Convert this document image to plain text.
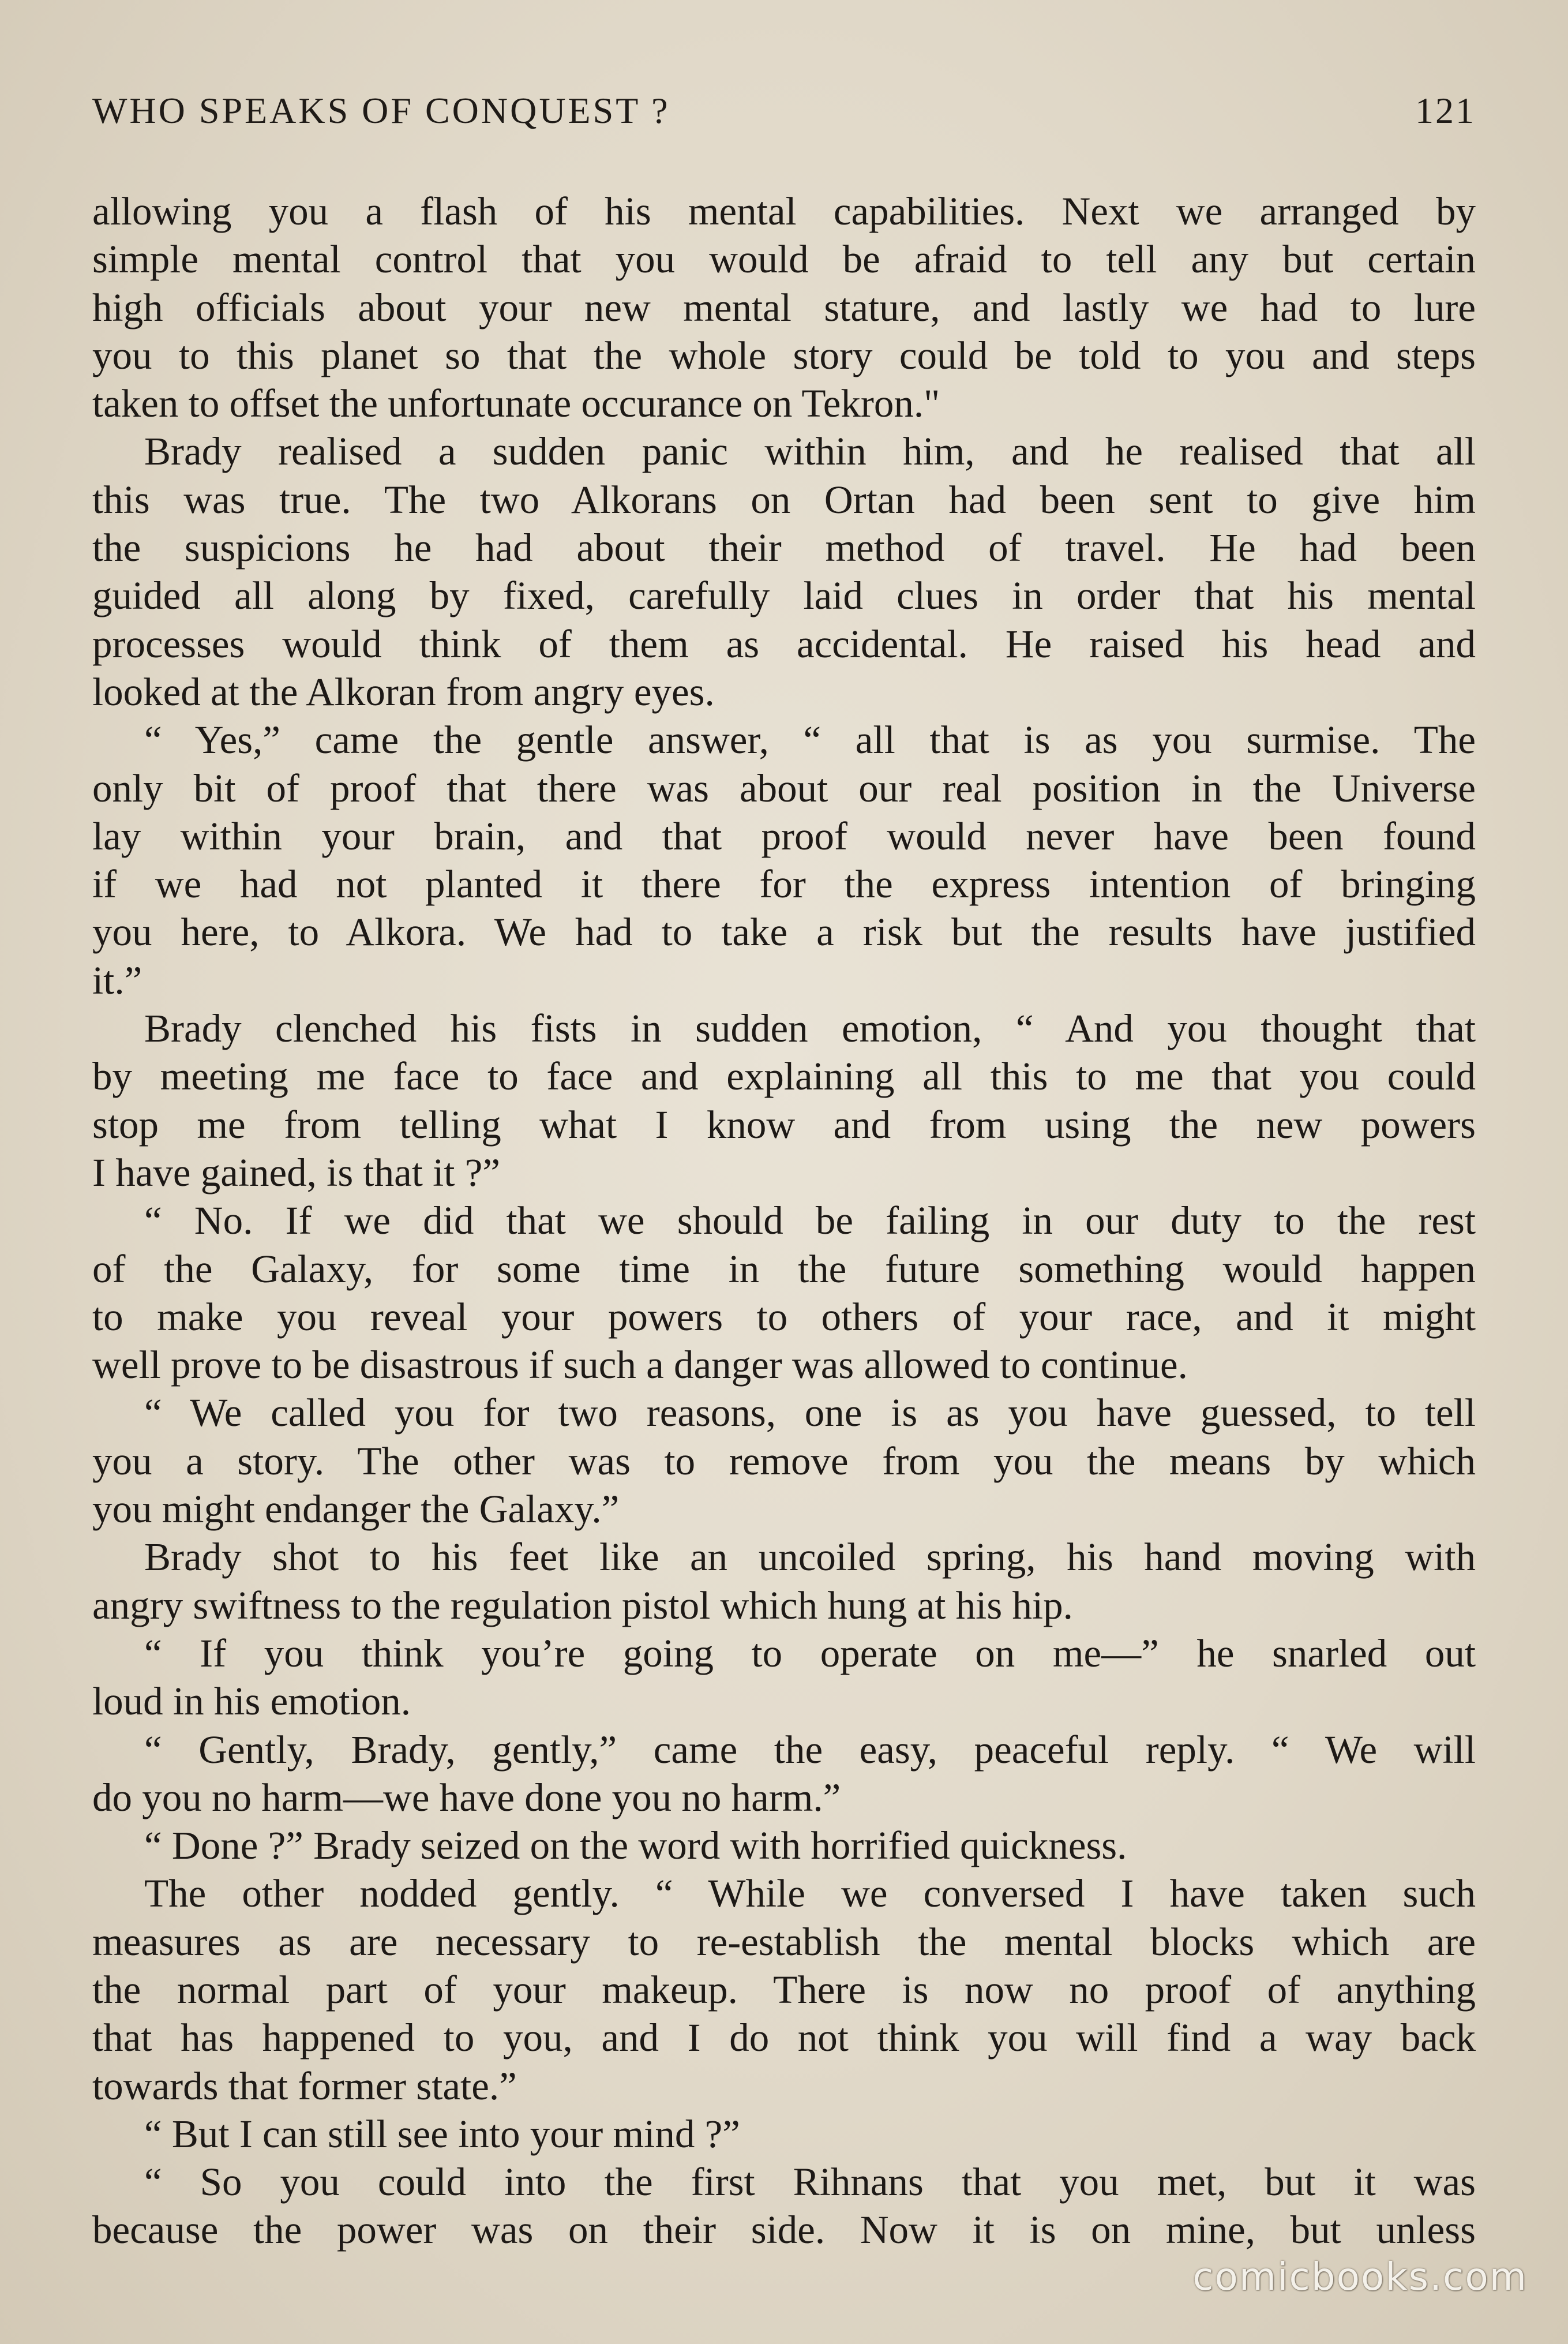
WHO SPEAKS OF CONQUEST ?	121
allowing you a flash of his mental capabilities. Next we arranged by
simple mental control that you would be afraid to tell any but certain
high officials about your new mental stature, and lastly we had to lure
you to this planet so that the whole story could be told to you and steps
taken to offset the unfortunate occurance on Tekron."
Brady realised a sudden panic within him, and he realised that all
this was true. The two Alkorans on Ortan had been sent to give him
the suspicions he had about their method of travel. He had been
guided all along by fixed, carefully laid clues in order that his mental
processes would think of them as accidental. He raised his head and
looked at the Alkoran from angry eyes.
“ Yes,” came the gentle answer, “ all that is as you surmise. The
only bit of proof that there was about our real position in the Universe
lay within your brain, and that proof would never have been found
if we had not planted it there for the express intention of bringing
you here, to Alkora. We had to take a risk but the results have justified
it.”
Brady clenched his fists in sudden emotion, “ And you thought that
by meeting me face to face and explaining all this to me that you could
stop me from telling what I know and from using the new powers
I have gained, is that it ?”
“ No. If we did that we should be failing in our duty to the rest
of the Galaxy, for some time in the future something would happen
to make you reveal your powers to others of your race, and it might
well prove to be disastrous if such a danger was allowed to continue.
“ We called you for two reasons, one is as you have guessed, to tell
you a story. The other was to remove from you the means by which
you might endanger the Galaxy.”
Brady shot to his feet like an uncoiled spring, his hand moving with
angry swiftness to the regulation pistol which hung at his hip.
“ If you think you’re going to operate on me—” he snarled out
loud in his emotion.
“ Gently, Brady, gently,” came the easy, peaceful reply. “ We will
do you no harm—we have done you no harm.”
“ Done ?” Brady seized on the word with horrified quickness.
The other nodded gently. “ While we conversed I have taken such
measures as are necessary to re-establish the mental blocks which are
the normal part of your makeup. There is now no proof of anything
that has happened to you, and I do not think you will find a way back
towards that former state.”
“ But I can still see into your mind ?”
“ So you could into the first Rihnans that you met, but it was
because the power was on their side. Now it is on mine, but unless
comicbooks.com
